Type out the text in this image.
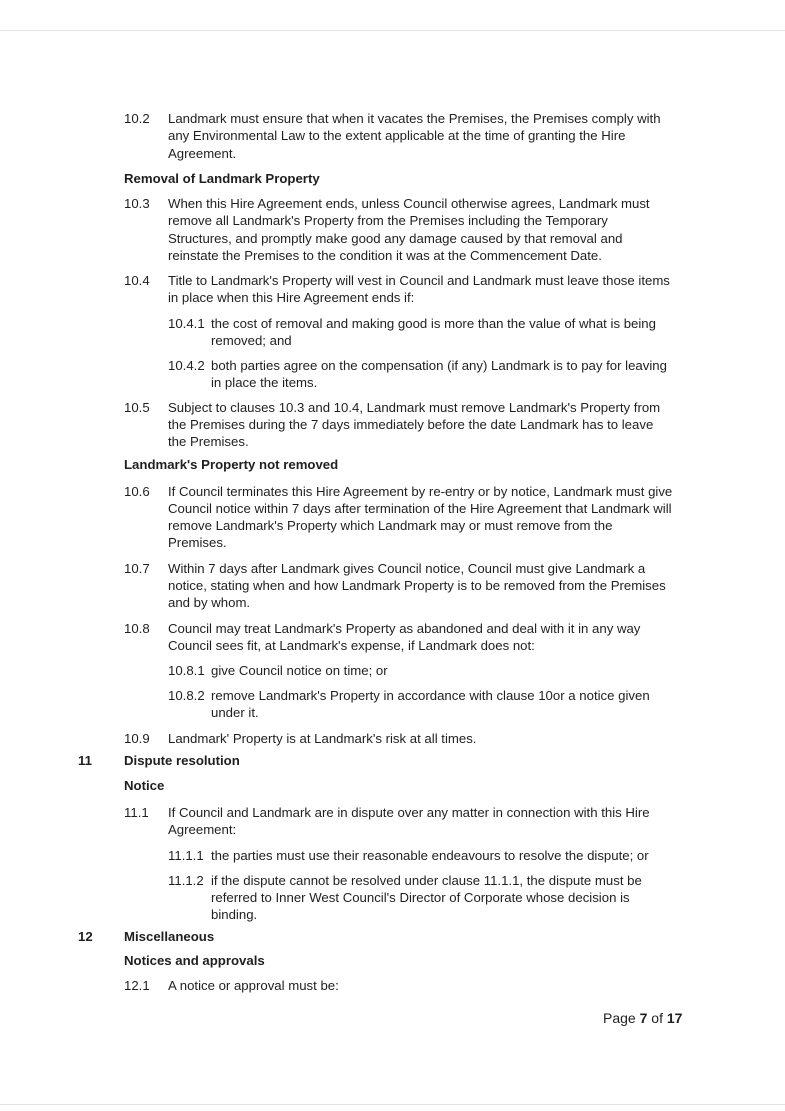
10.2 Landmark must ensure that when it vacates the Premises, the Premises comply with
any Environmental Law to the extent applicable at the time of granting the Hire
Agreement.
Removal of Landmark Property
10.3 When this Hire Agreement ends, unless Council otherwise agrees, Landmark must
remove all Landmark's Property from the Premises including the Temporary
Structures, and promptly make good any damage caused by that removal and
reinstate the Premises to the condition it was at the Commencement Date.
10.4 Title to Landmark's Property will vest in Council and Landmark must leave those items
in place when this Hire Agreement ends if:
10.4.1 the cost of removal and making good is more than the value of what is being
removed; and
10.4.2 both parties agree on the compensation (if any) Landmark is to pay for leaving
in place the items.
10.5 Subject to clauses 10.3 and 10.4, Landmark must remove Landmark's Property from
the Premises during the 7 days immediately before the date Landmark has to leave
the Premises.
Landmark's Property not removed
10.6 If Council terminates this Hire Agreement by re-entry or by notice, Landmark must give
Council notice within 7 days after termination of the Hire Agreement that Landmark will
remove Landmark's Property which Landmark may or must remove from the
Premises.
10.7 Within 7 days after Landmark gives Council notice, Council must give Landmark a
notice, stating when and how Landmark Property is to be removed from the Premises
and by whom.
10.8 Council may treat Landmark's Property as abandoned and deal with it in any way
Council sees fit, at Landmark's expense, if Landmark does not:
10.8.1 give Council notice on time; or
10.8.2 remove Landmark's Property in accordance with clause 10or a notice given
under it.
10.9 Landmark' Property is at Landmark's risk at all times.
11 Dispute resolution
Notice
11.1 If Council and Landmark are in dispute over any matter in connection with this Hire
Agreement:
11.1.1 the parties must use their reasonable endeavours to resolve the dispute; or
11.1.2 if the dispute cannot be resolved under clause 11.1.1, the dispute must be
referred to Inner West Council's Director of Corporate whose decision is
binding.
12 Miscellaneous
Notices and approvals
12.1 A notice or approval must be:
Page 7 of 17
